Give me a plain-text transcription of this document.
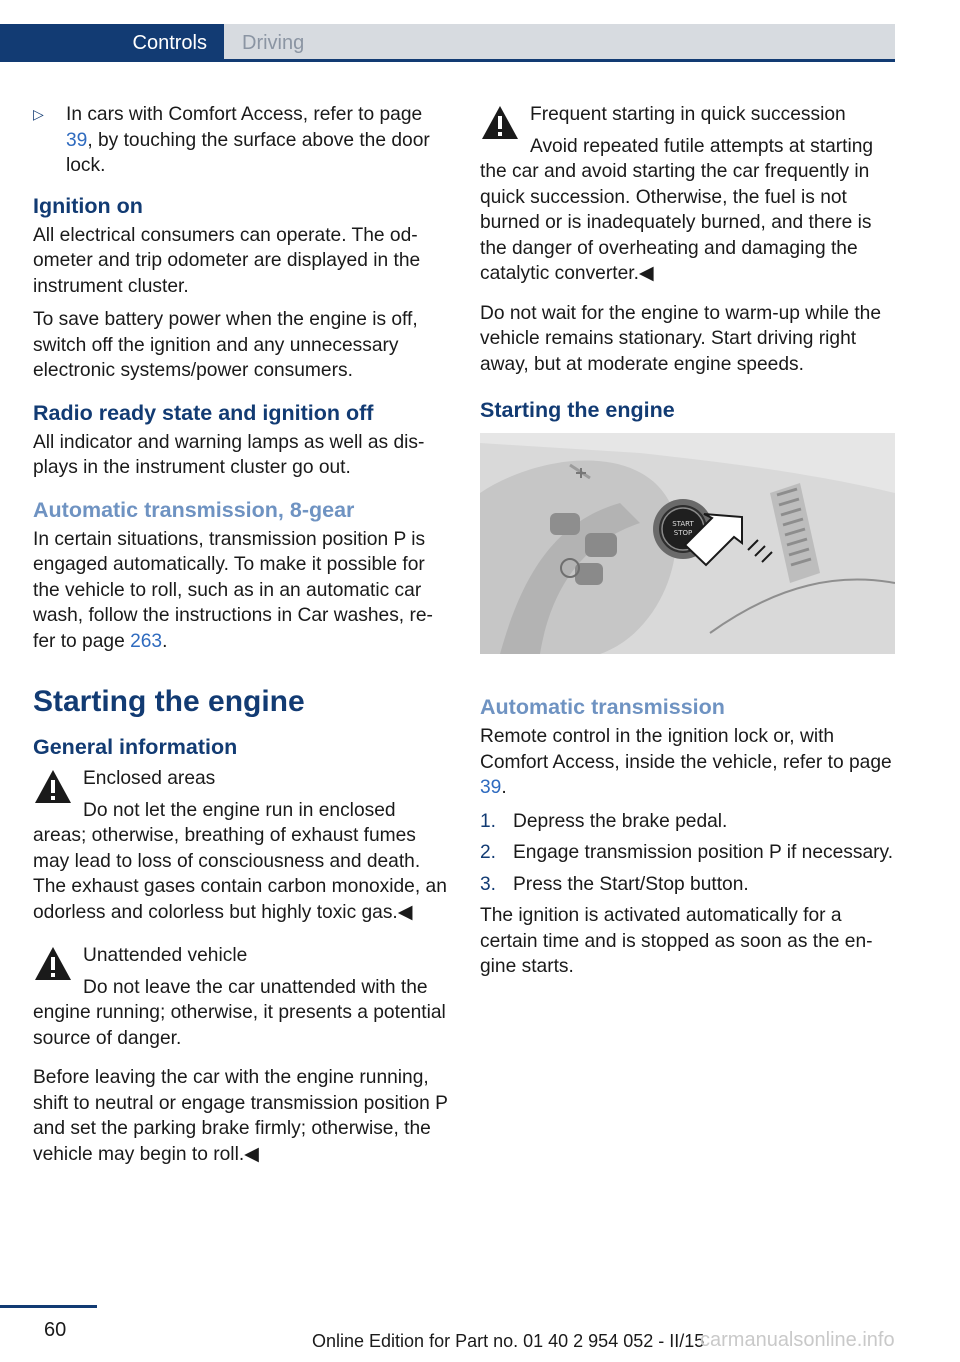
Controls	Driving
▷ In cars with Comfort Access, refer to page 39, by touching the surface above the door lock.
Ignition on

All electrical consumers can operate. The odometer and trip odometer are displayed in the instrument cluster.

To save battery power when the engine is off, switch off the ignition and any unnecessary electronic systems/power consumers.

Radio ready state and ignition off

All indicator and warning lamps as well as displays in the instrument cluster go out.

Automatic transmission, 8-gear

In certain situations, transmission position P is engaged automatically. To make it possible for the vehicle to roll, such as in an automatic car wash, follow the instructions in Car washes, refer to page 263.

Starting the engine
General information
Enclosed areas
Do not let the engine run in enclosed areas; otherwise, breathing of exhaust fumes may lead to loss of consciousness and death. The exhaust gases contain carbon monoxide, an odorless and colorless but highly toxic gas.◀
Unattended vehicle
Do not leave the car unattended with the engine running; otherwise, it presents a potential source of danger.

Before leaving the car with the engine running, shift to neutral or engage transmission position P and set the parking brake firmly; otherwise, the vehicle may begin to roll.◀

Frequent starting in quick succession
Avoid repeated futile attempts at starting the car and avoid starting the car frequently in quick succession. Otherwise, the fuel is not burned or is inadequately burned, and there is the danger of overheating and damaging the catalytic converter.◀

Do not wait for the engine to warm-up while the vehicle remains stationary. Start driving right away, but at moderate engine speeds.

Starting the engine
START
STOP
Automatic transmission

Remote control in the ignition lock or, with Comfort Access, inside the vehicle, refer to page 39.

1. Depress the brake pedal.
2. Engage transmission position P if necessary.
3. Press the Start/Stop button.

The ignition is activated automatically for a certain time and is stopped as soon as the engine starts.

60	Online Edition for Part no. 01 40 2 954 052 - II/15
carmanualsonline.info
